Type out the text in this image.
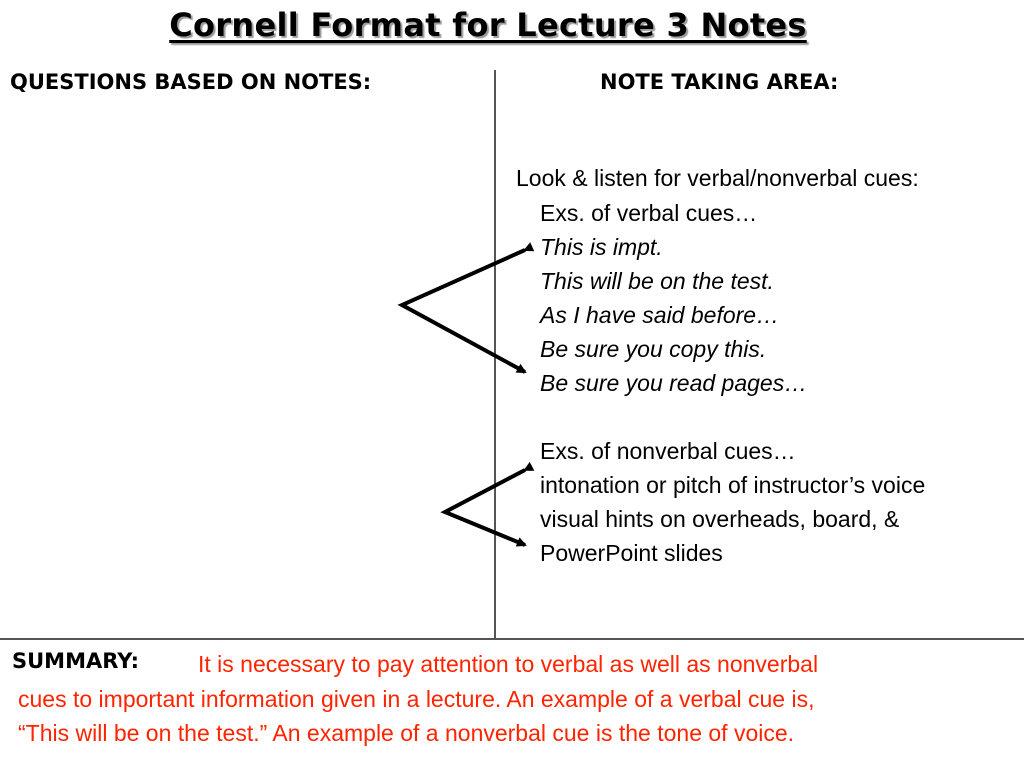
Cornell Format for Lecture 3 Notes
QUESTIONS BASED ON NOTES:	NOTE TAKING AREA:
Look & listen for verbal/nonverbal cues:
Exs. of verbal cues…
This is impt.
This will be on the test.
As I have said before…
Be sure you copy this.
Be sure you read pages…
Exs. of nonverbal cues…
intonation or pitch of instructor’s voice
visual hints on overheads, board, &
PowerPoint slides
SUMMARY:	It is necessary to pay attention to verbal as well as nonverbal
cues to important information given in a lecture. An example of a verbal cue is,
“This will be on the test.” An example of a nonverbal cue is the tone of voice.
